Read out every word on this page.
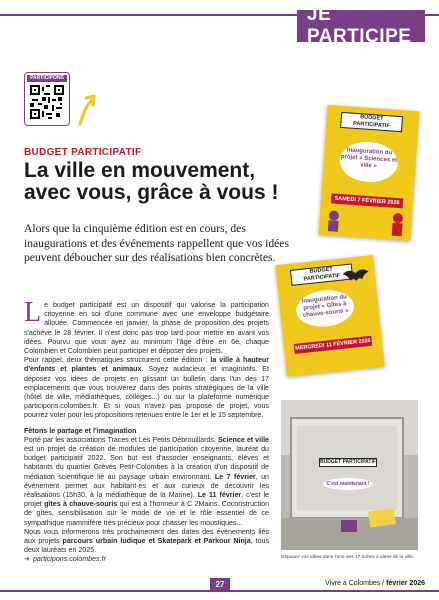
JE PARTICIPE
PARTICIPONS
BUDGET PARTICIPATIF
La ville en mouvement,
avec vous, grâce à vous !

Alors que la cinquième édition est en cours, des inaugurations et des événements rappellent que vos idées peuvent déboucher sur des réalisations bien concrètes.

Le budget participatif est un dispositif qui valorise la participation citoyenne en soi d'une commune avec une enveloppe budgétaire allouée. Commencée en janvier, la phase de proposition des projets s'achève le 28 février. Il n'est donc pas trop tard pour mettre en avant vos idées. Pourvu que vous ayez au minimum l'âge d'être en 6e, chaque Colombien et Colombien peut participer et déposer des projets.

Pour rappel, deux thématiques structurent cette édition : la ville à hauteur d'enfants et plantes et animaux. Soyez audacieux et imaginatifs. Et déposez vos idées de projets en glissant un bulletin dans l'un des 17 emplacements que vous trouverez dans des points stratégiques de la ville (hôtel de ville, médiathèques, collèges...) ou sur la plateforme numérique participons.colombes.fr. Et si vous n'avez pas proposé de projet, vous pourrez voter pour les propositions retenues entre le 1er et le 15 septembre.

Fêtons le partage et l'imagination

Porté par les associations Traces et Les Petits Débrouillards, Science et ville est un projet de création de modules de participation citoyenne, lauréat du budget participatif 2022. Son but est d'associer enseignants, élèves et habitants du quartier Grèves Petit-Colombes à la création d'un dispositif de médiation scientifique lié au paysage urbain environnant. Le 7 février, un événement permet aux habitant·es et aux curieux de découvrir les réalisations (15h30, à la médiathèque de la Marine). Le 11 février, c'est le projet gîtes à chauve-souris qui est à l'honneur à C 2Mains. Coconstruction de gîtes, sensibilisation sur le mode de vie et le rôle essentiel de ce sympathique mammifère très précieux pour chasser les moustiques...

Nous vous informerons très prochainement des dates des événements liés aux projets parcours urbain ludique et Skatepark et Parkour Ninja, tous deux lauréats en 2025.

➜ participons.colombes.fr

BUDGET PARTICIPATIF
Inauguration du projet « Sciences et ville »
SAMEDI 7 FÉVRIER 2026
BUDGET PARTICIPATIF
Inauguration du projet « Gîtes à chauve-souris »
MERCREDI 11 FÉVRIER 2026
BUDGET PARTICIPATIF
C'est maintenant !
Déposez vos idées dans l'une des 17 boîtes à idées de la ville.
27	Vivre à Colombes / février 2026
